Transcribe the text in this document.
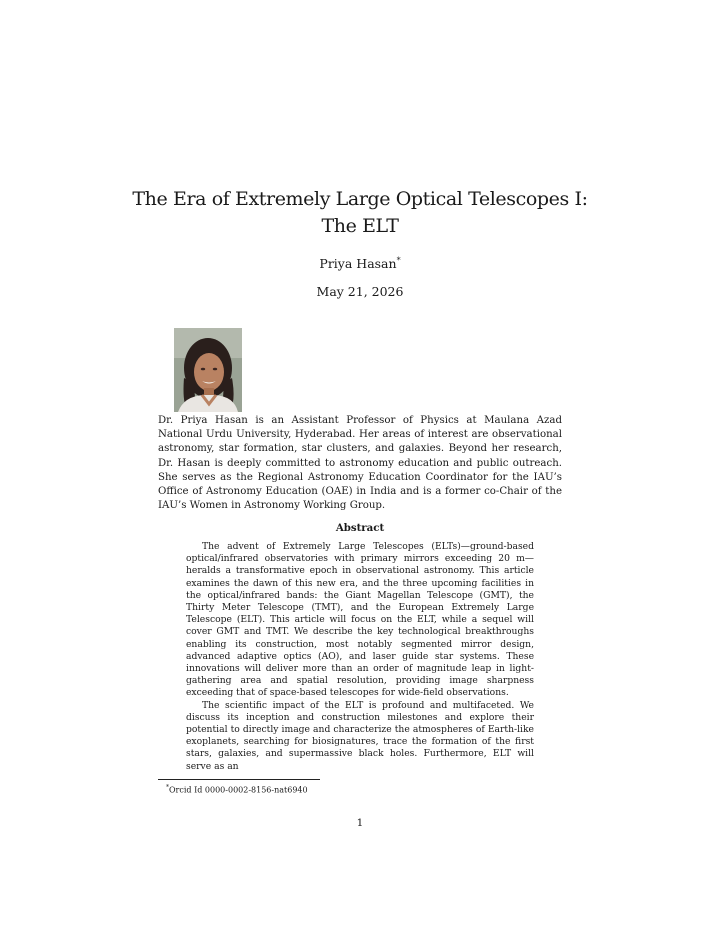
The Era of Extremely Large Optical Telescopes I:
The ELT
Priya Hasan*
May 21, 2026

Dr. Priya Hasan is an Assistant Professor of Physics at Maulana Azad National Urdu University, Hyderabad. Her areas of interest are observational astronomy, star formation, star clusters, and galaxies. Beyond her research, Dr. Hasan is deeply committed to astronomy education and public outreach. She serves as the Regional Astronomy Education Coordinator for the IAU’s Office of Astronomy Education (OAE) in India and is a former co-Chair of the IAU’s Women in Astronomy Working Group.

Abstract

The advent of Extremely Large Telescopes (ELTs)—ground-based optical/infrared observatories with primary mirrors exceeding 20 m—heralds a transformative epoch in observational astronomy. This article examines the dawn of this new era, and the three upcoming facilities in the optical/infrared bands: the Giant Magellan Telescope (GMT), the Thirty Meter Telescope (TMT), and the European Extremely Large Telescope (ELT). This article will focus on the ELT, while a sequel will cover GMT and TMT. We describe the key technological breakthroughs enabling its construction, most notably segmented mirror design, advanced adaptive optics (AO), and laser guide star systems. These innovations will deliver more than an order of magnitude leap in light-gathering area and spatial resolution, providing image sharpness exceeding that of space-based telescopes for wide-field observations.

The scientific impact of the ELT is profound and multifaceted. We discuss its inception and construction milestones and explore their potential to directly image and characterize the atmospheres of Earth-like exoplanets, searching for biosignatures, trace the formation of the first stars, galaxies, and supermassive black holes. Furthermore, ELT will serve as an

*Orcid Id 0000-0002-8156-nat6940
1
